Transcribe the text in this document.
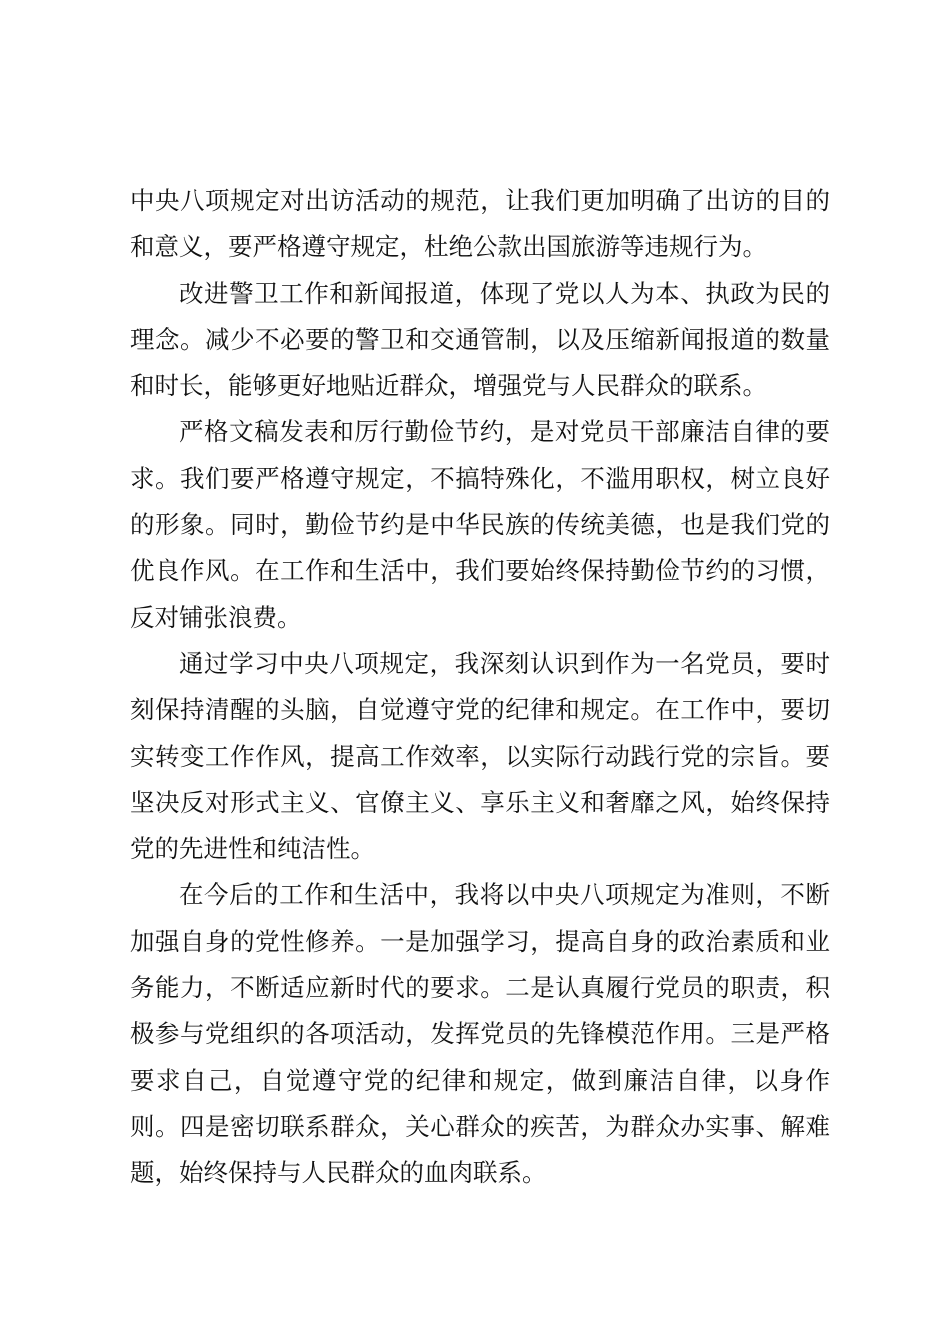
中央八项规定对出访活动的规范，让我们更加明确了出访的目的和意义，要严格遵守规定，杜绝公款出国旅游等违规行为。

改进警卫工作和新闻报道，体现了党以人为本、执政为民的理念。减少不必要的警卫和交通管制，以及压缩新闻报道的数量和时长，能够更好地贴近群众，增强党与人民群众的联系。

严格文稿发表和厉行勤俭节约，是对党员干部廉洁自律的要求。我们要严格遵守规定，不搞特殊化，不滥用职权，树立良好的形象。同时，勤俭节约是中华民族的传统美德，也是我们党的优良作风。在工作和生活中，我们要始终保持勤俭节约的习惯，反对铺张浪费。

通过学习中央八项规定，我深刻认识到作为一名党员，要时刻保持清醒的头脑，自觉遵守党的纪律和规定。在工作中，要切实转变工作作风，提高工作效率，以实际行动践行党的宗旨。要坚决反对形式主义、官僚主义、享乐主义和奢靡之风，始终保持党的先进性和纯洁性。

在今后的工作和生活中，我将以中央八项规定为准则，不断加强自身的党性修养。一是加强学习，提高自身的政治素质和业务能力，不断适应新时代的要求。二是认真履行党员的职责，积极参与党组织的各项活动，发挥党员的先锋模范作用。三是严格要求自己，自觉遵守党的纪律和规定，做到廉洁自律，以身作则。四是密切联系群众，关心群众的疾苦，为群众办实事、解难题，始终保持与人民群众的血肉联系。
